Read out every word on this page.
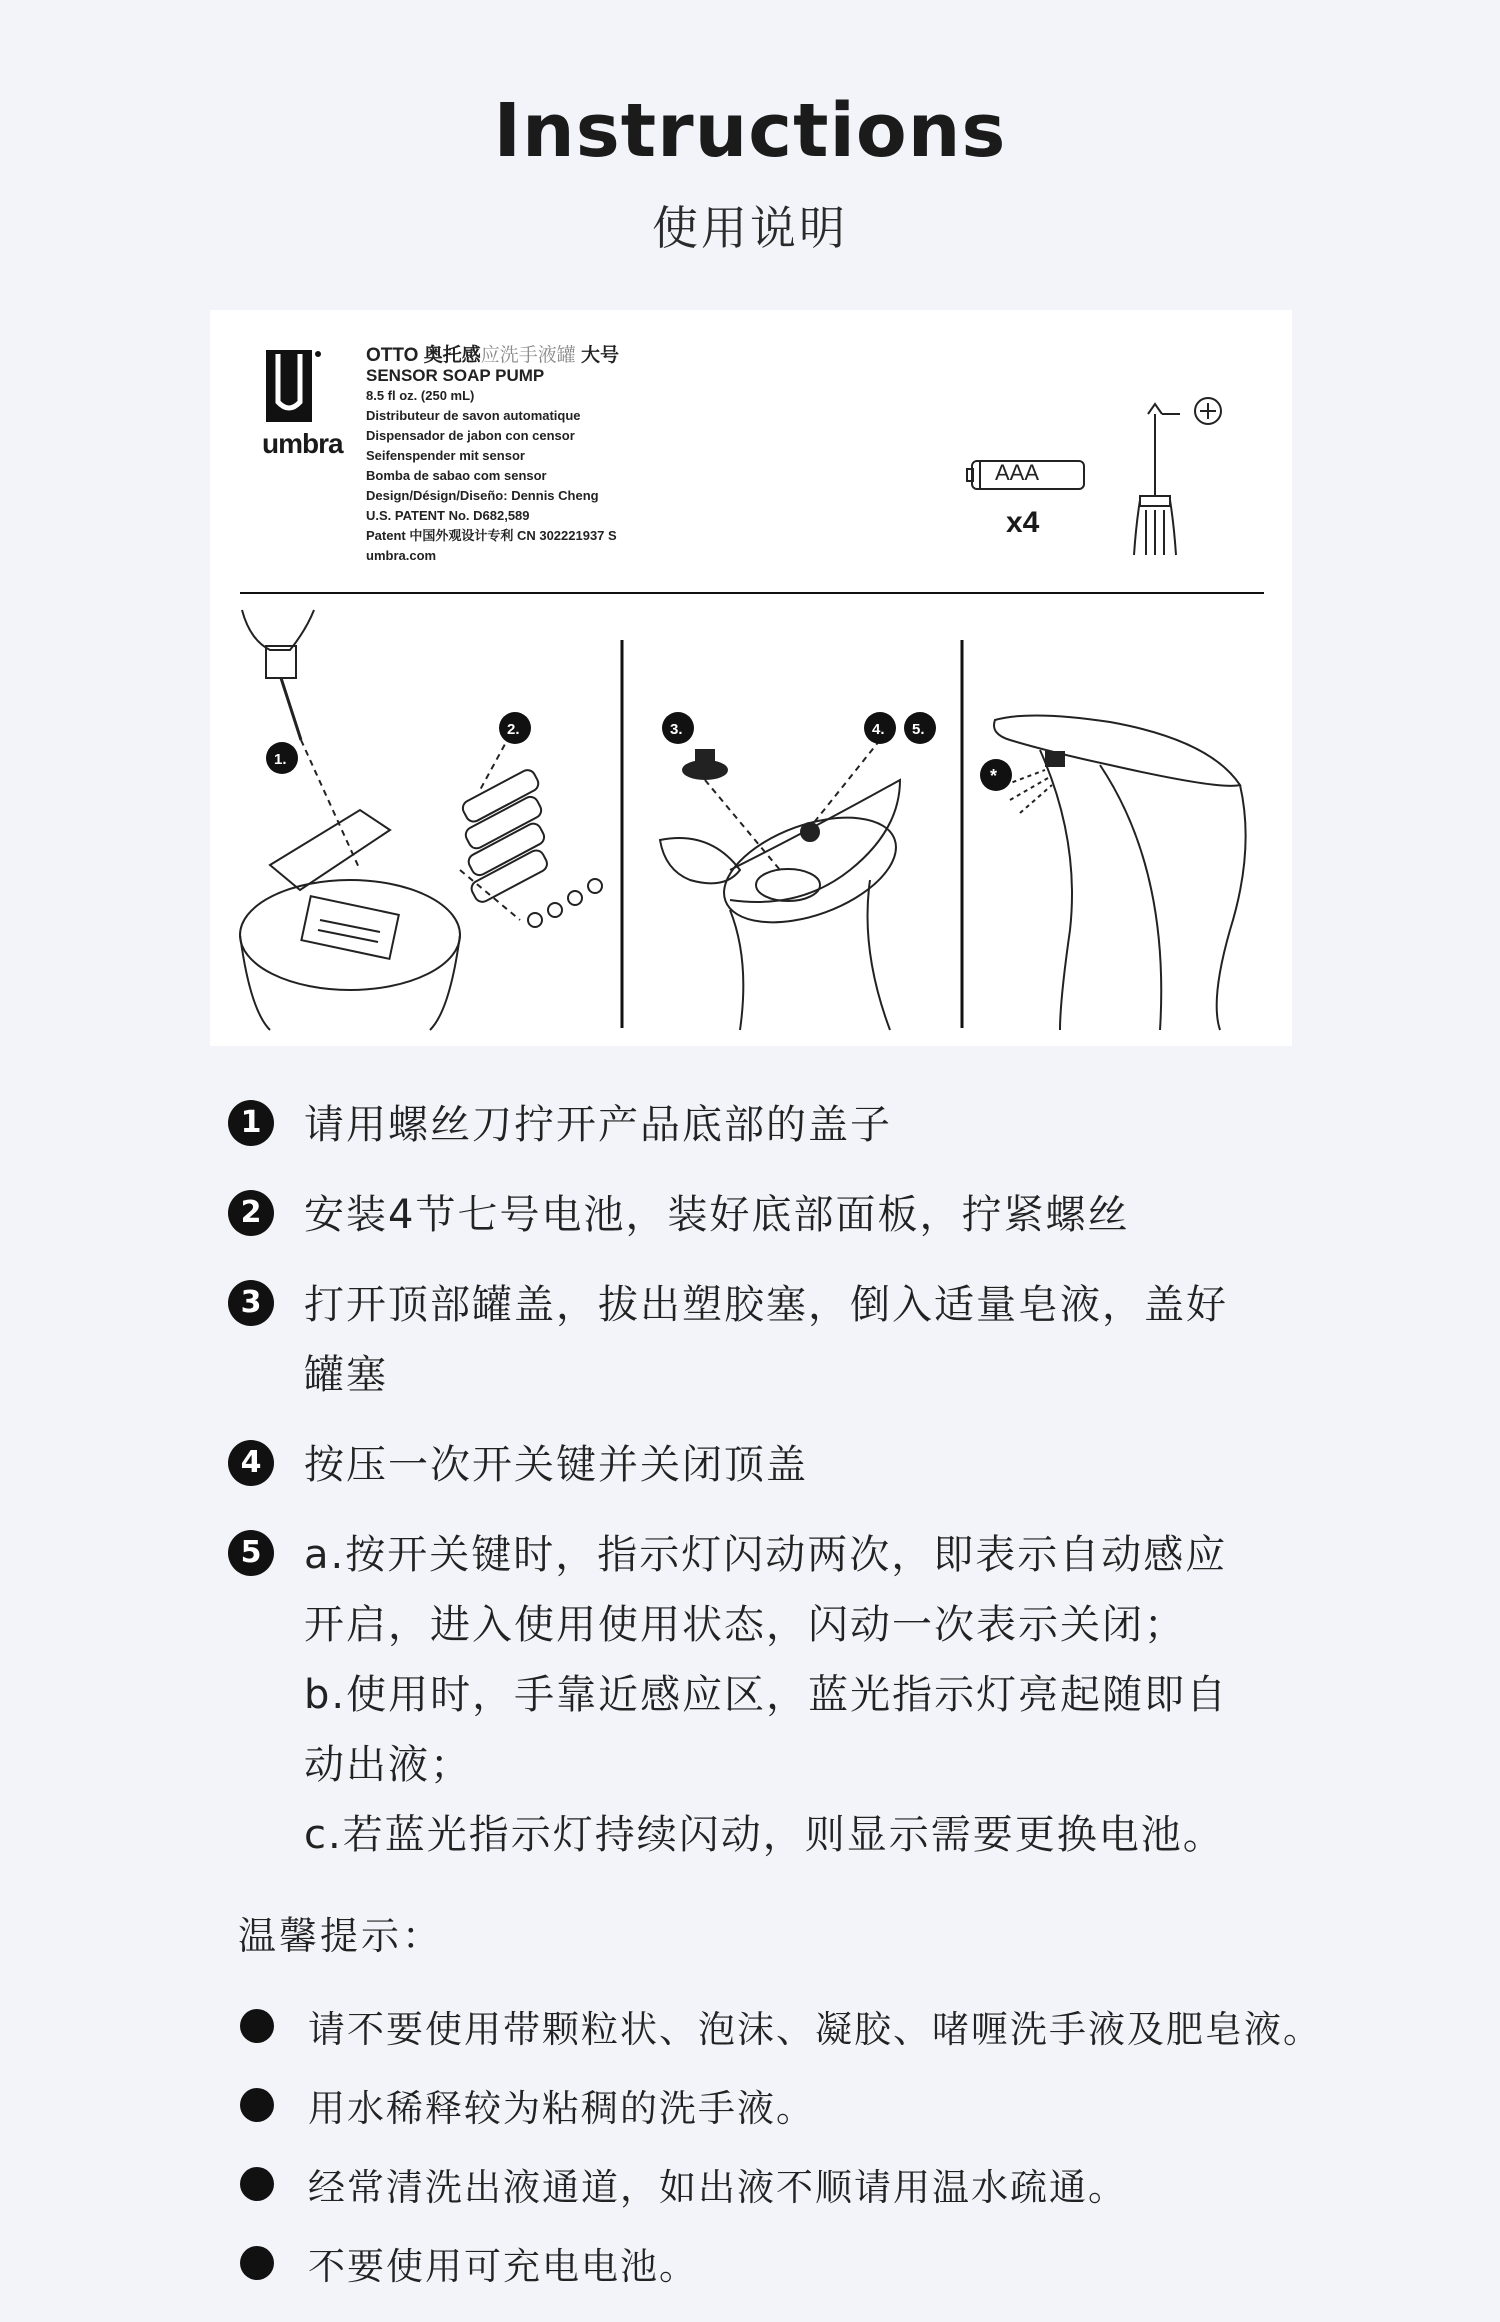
Instructions
使用说明
AAA
1.
2.	3.	4. 5.
*
umbra
OTTO 奥托感应洗手液罐 大号
SENSOR SOAP PUMP
8.5 fl oz. (250 mL)
Distributeur de savon automatique
Dispensador de jabon con censor
Seifenspender mit sensor
Bomba de sabao com sensor
Design/Désign/Diseño: Dennis Cheng
U.S. PATENT No. D682,589
Patent 中国外观设计专利 CN 302221937 S
umbra.com
AAA
x4
1	请用螺丝刀拧开产品底部的盖子
2	安装4节七号电池，装好底部面板，拧紧螺丝
3	打开顶部罐盖，拔出塑胶塞，倒入适量皂液，盖好
罐塞
4	按压一次开关键并关闭顶盖
5	a.按开关键时，指示灯闪动两次，即表示自动感应
开启，进入使用使用状态，闪动一次表示关闭；
b.使用时，手靠近感应区，蓝光指示灯亮起随即自
动出液；
c.若蓝光指示灯持续闪动，则显示需要更换电池。
温馨提示：
请不要使用带颗粒状、泡沫、凝胶、啫喱洗手液及肥皂液。
用水稀释较为粘稠的洗手液。
经常清洗出液通道，如出液不顺请用温水疏通。
不要使用可充电电池。
